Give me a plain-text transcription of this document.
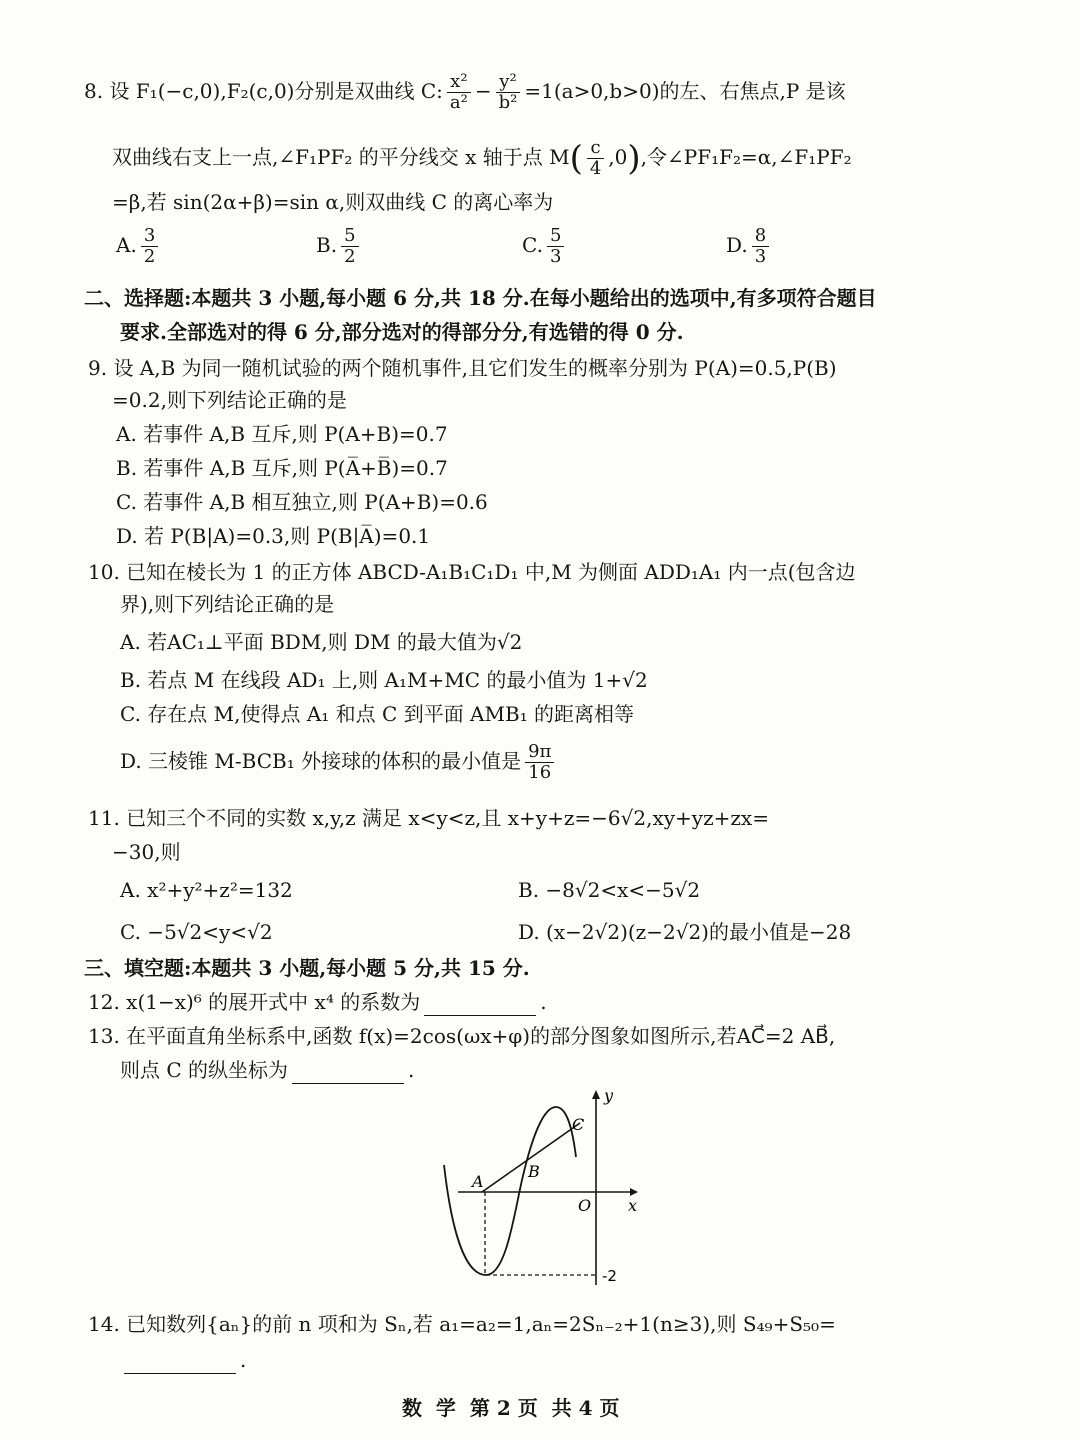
8. 设 F₁(−c,0),F₂(c,0)分别是双曲线 C: $\frac{\text{x²}}{\text{a²}} - \frac{\text{y²}}{\text{b²}} =1(a>0,b>0)$的左、右焦点,P 是该
双曲线右支上一点,∠F₁PF₂ 的平分线交 x 轴于点 $M( \frac{c}{4} ,0)$,令∠PF₁F₂=α,∠F₁PF₂
=β,若 sin(2α+β)=sin α,则双曲线 C 的离心率为
A. $\frac{3}{2}$	B. $\frac{5}{2}$	C. $\frac{5}{3}$	D. $\frac{8}{3}$
二、选择题:本题共 3 小题,每小题 6 分,共 18 分.在每小题给出的选项中,有多项符合题目
要求.全部选对的得 6 分,部分选对的得部分分,有选错的得 0 分.
9. 设 A,B 为同一随机试验的两个随机事件,且它们发生的概率分别为 P(A)=0.5,P(B)
=0.2,则下列结论正确的是
A. 若事件 A,B 互斥,则 P(A+B)=0.7
B. 若事件 A,B 互斥,则 P(A̅+B̅)=0.7
C. 若事件 A,B 相互独立,则 P(A+B)=0.6
D. 若 P(B|A)=0.3,则 P(B|A̅)=0.1
10. 已知在棱长为 1 的正方体 ABCD-A₁B₁C₁D₁ 中,M 为侧面 ADD₁A₁ 内一点(包含边
界),则下列结论正确的是
A. 若AC₁⊥平面 BDM,则 DM 的最大值为√2
B. 若点 M 在线段 AD₁ 上,则 A₁M+MC 的最小值为 1+√2
C. 存在点 M,使得点 A₁ 和点 C 到平面 AMB₁ 的距离相等
D. 三棱锥 M-BCB₁ 外接球的体积的最小值是 $\frac{9\pi}{16}$
11. 已知三个不同的实数 x,y,z 满足 x<y<z,且 x+y+z=−6√2,xy+yz+zx=
−30,则
A. x²+y²+z²=132	B. −8√2<x<−5√2
C. −5√2<y<√2	D. (x−2√2)(z−2√2)的最小值是−28
三、填空题:本题共 3 小题,每小题 5 分,共 15 分.
12. x(1−x)⁶ 的展开式中 x⁴ 的系数为	.
13. 在平面直角坐标系中,函数 f(x)=2cos(ωx+φ)的部分图象如图所示,若AC⃗=2 AB⃗,
则点 C 的纵坐标为	.
y
x
O
A
B
C
-2
14. 已知数列{aₙ}的前 n 项和为 Sₙ,若 a₁=a₂=1,aₙ=2Sₙ₋₂+1(n≥3),则 S₄₉+S₅₀=
.
数  学  第 2 页  共 4 页
